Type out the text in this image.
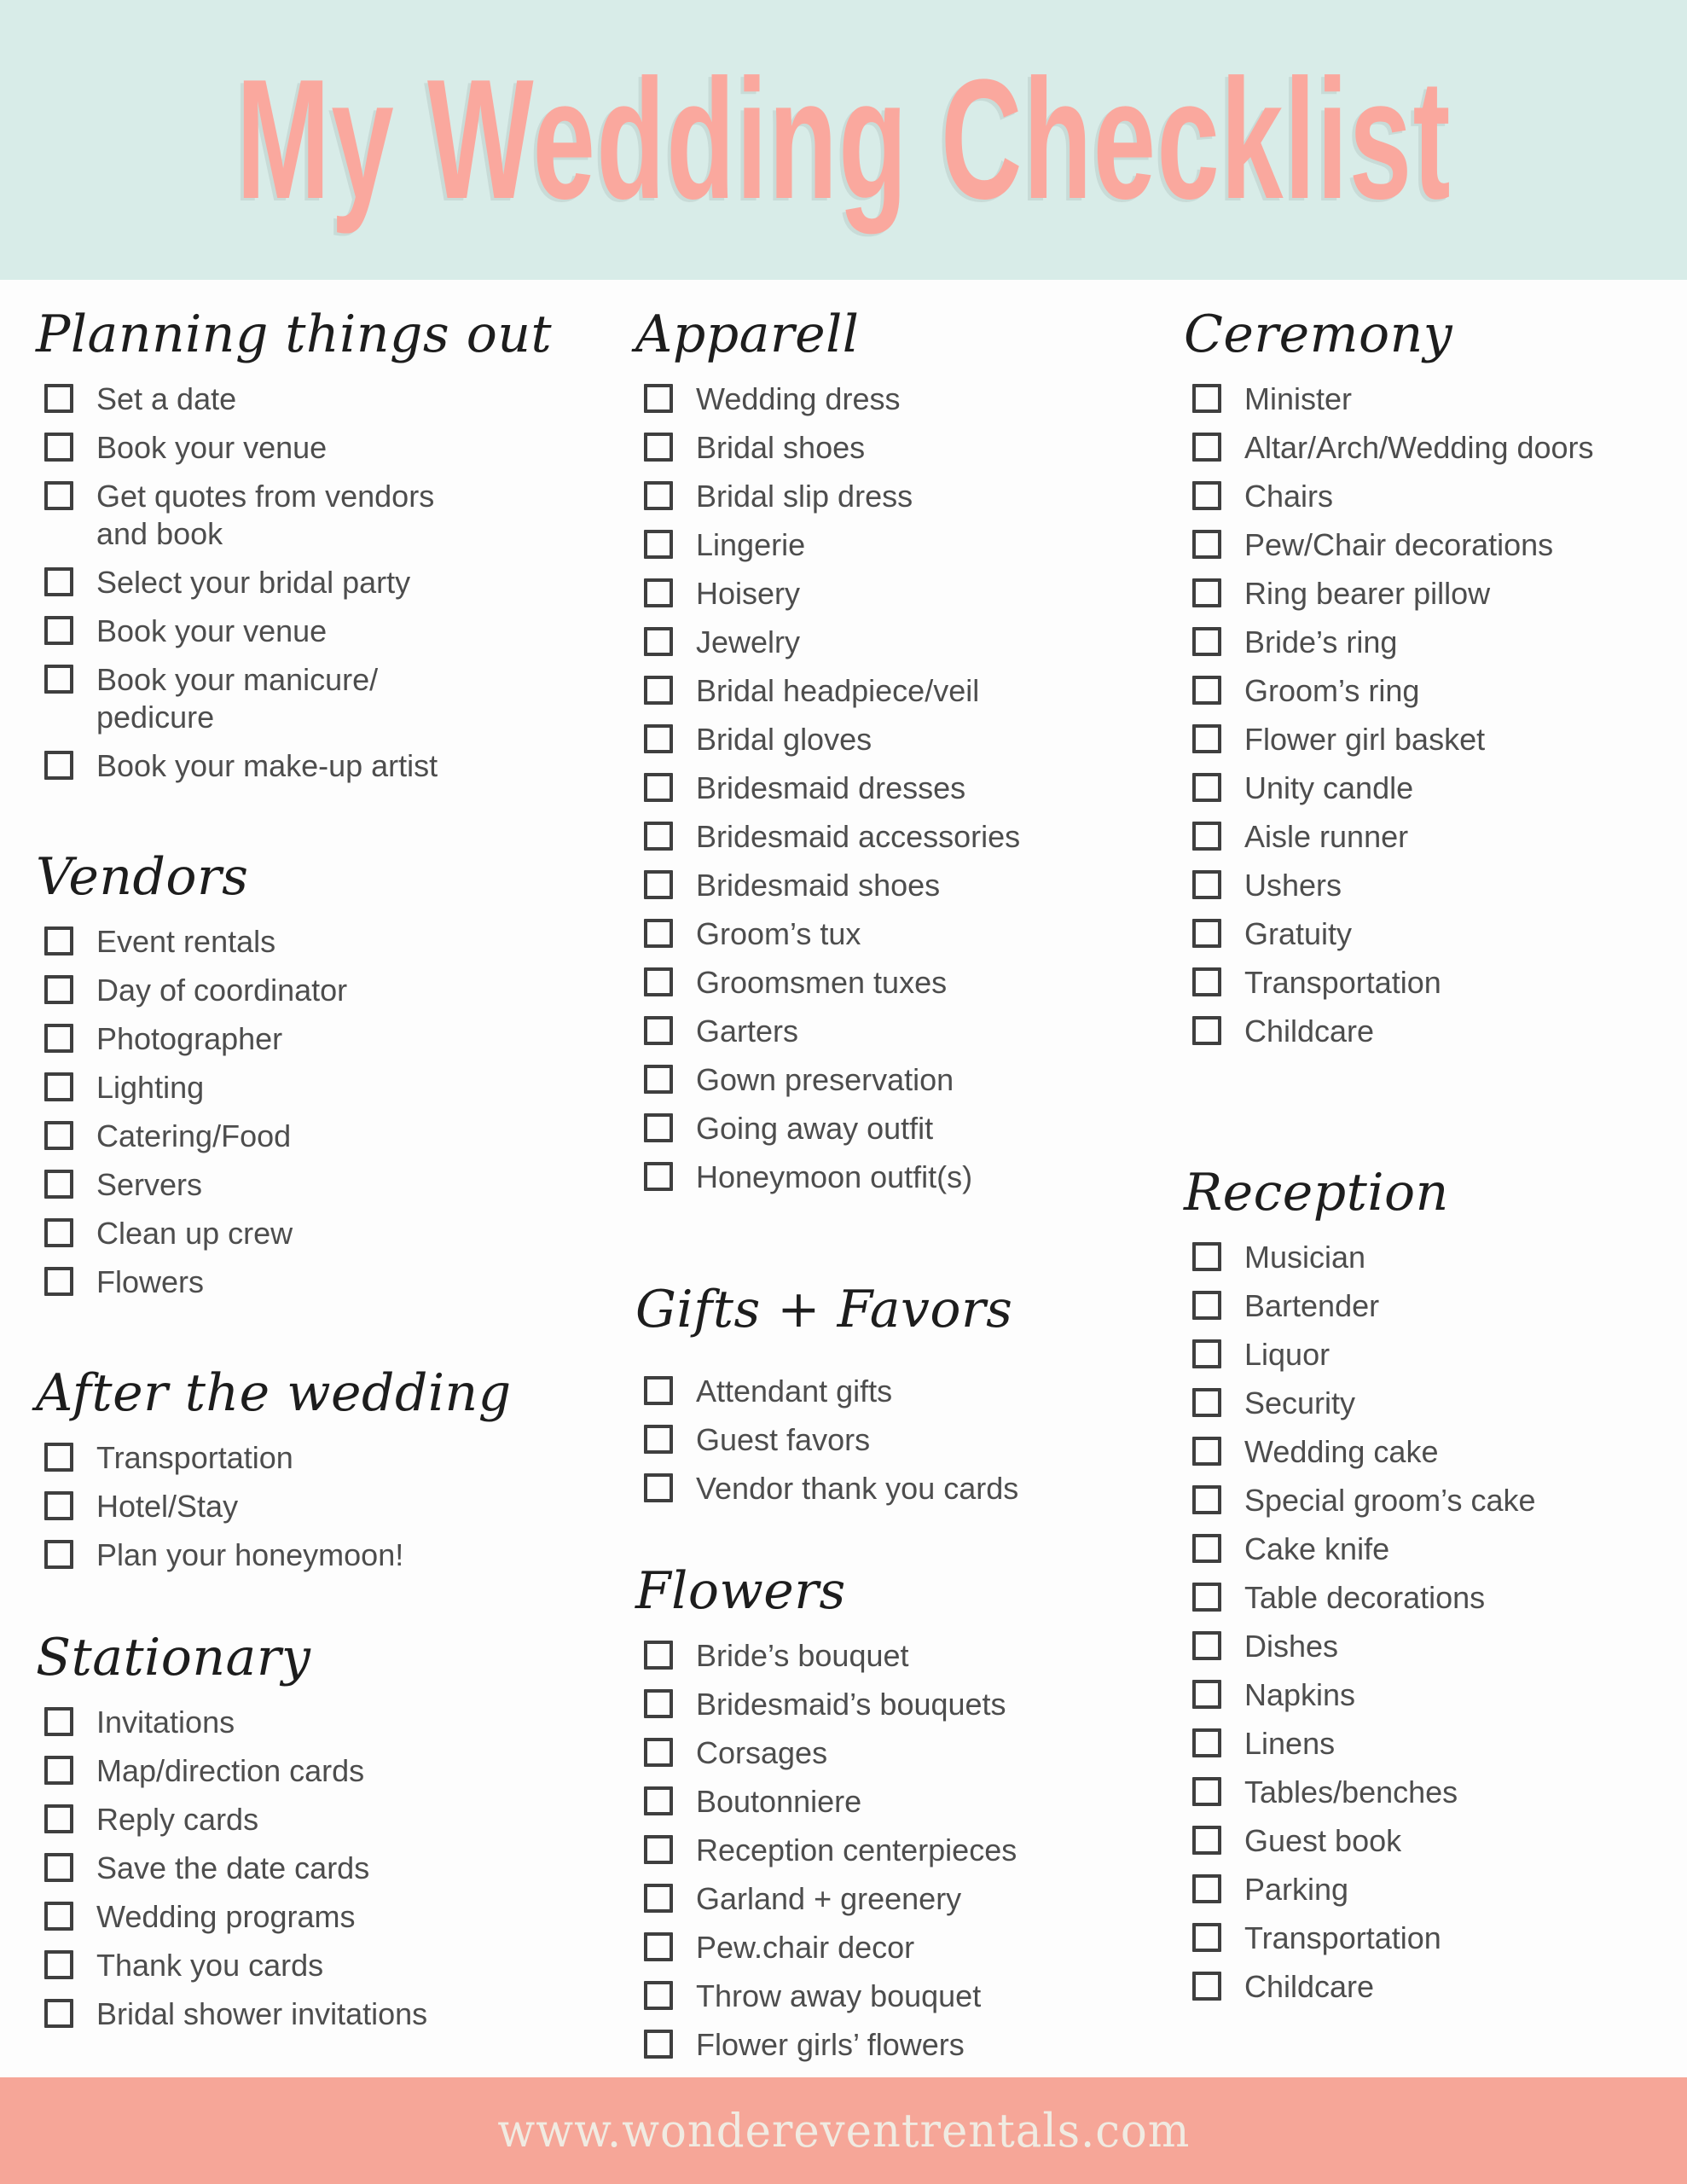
My Wedding Checklist
Planning things out
Set a date
Book your venue
Get quotes from vendors and book
Select your bridal party
Book your venue
Book your manicure/ pedicure
Book your make-up artist
Vendors
Event rentals
Day of coordinator
Photographer
Lighting
Catering/Food
Servers
Clean up crew
Flowers
After the wedding
Transportation
Hotel/Stay
Plan your honeymoon!
Stationary
Invitations
Map/direction cards
Reply cards
Save the date cards
Wedding programs
Thank you cards
Bridal shower invitations
Apparell
Wedding dress
Bridal shoes
Bridal slip dress
Lingerie
Hoisery
Jewelry
Bridal headpiece/veil
Bridal gloves
Bridesmaid dresses
Bridesmaid accessories
Bridesmaid shoes
Groom’s tux
Groomsmen tuxes
Garters
Gown preservation
Going away outfit
Honeymoon outfit(s)
Gifts + Favors
Attendant gifts
Guest favors
Vendor thank you cards
Flowers
Bride’s bouquet
Bridesmaid’s bouquets
Corsages
Boutonniere
Reception centerpieces
Garland + greenery
Pew.chair decor
Throw away bouquet
Flower girls’ flowers
Ceremony
Minister
Altar/Arch/Wedding doors
Chairs
Pew/Chair decorations
Ring bearer pillow
Bride’s ring
Groom’s ring
Flower girl basket
Unity candle
Aisle runner
Ushers
Gratuity
Transportation
Childcare
Reception
Musician
Bartender
Liquor
Security
Wedding cake
Special groom’s cake
Cake knife
Table decorations
Dishes
Napkins
Linens
Tables/benches
Guest book
Parking
Transportation
Childcare
www.wondereventrentals.com
